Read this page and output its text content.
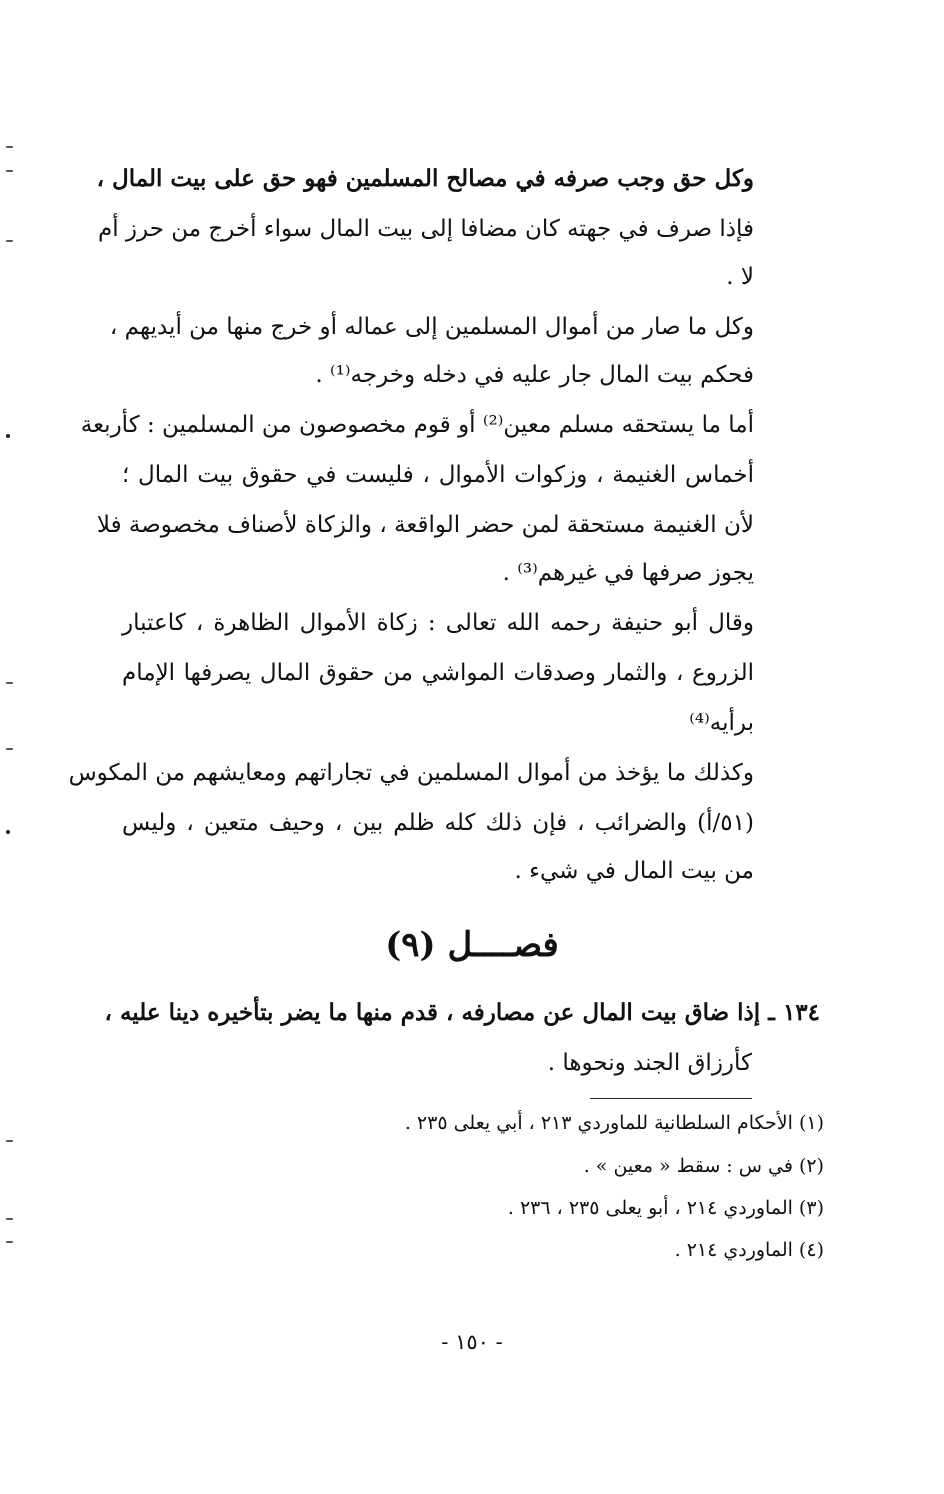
وكل حق وجب صرفه في مصالح المسلمين فهو حق على بيت المال ،
فإذا صرف في جهته كان مضافا إلى بيت المال سواء أخرج من حرز أم
لا .
وكل ما صار من أموال المسلمين إلى عماله أو خرج منها من أيديهم ،
فحكم بيت المال جار عليه في دخله وخرجه⁽¹⁾ .
أما ما يستحقه مسلم معين⁽²⁾ أو قوم مخصوصون من المسلمين : كأربعة
أخماس الغنيمة ، وزكوات الأموال ، فليست في حقوق بيت المال ؛
لأن الغنيمة مستحقة لمن حضر الواقعة ، والزكاة لأصناف مخصوصة فلا
يجوز صرفها في غيرهم⁽³⁾ .
وقال أبو حنيفة رحمه الله تعالى : زكاة الأموال الظاهرة ، كاعتبار
الزروع ، والثمار وصدقات المواشي من حقوق المال يصرفها الإمام
برأيه⁽⁴⁾
وكذلك ما يؤخذ من أموال المسلمين في تجاراتهم ومعايشهم من المكوس
(٥١/أ) والضرائب ، فإن ذلك كله ظلم بين ، وحيف متعين ، وليس
من بيت المال في شيء .
فصــــل (٩)
١٣٤ ـ إذا ضاق بيت المال عن مصارفه ، قدم منها ما يضر بتأخيره دينا عليه ،
كأرزاق الجند ونحوها .
(١) الأحكام السلطانية للماوردي ٢١٣ ، أبي يعلى ٢٣٥ .
(٢) في س : سقط « معين » .
(٣) الماوردي ٢١٤ ، أبو يعلى ٢٣٥ ، ٢٣٦ .
(٤) الماوردي ٢١٤ .
- ١٥٠ -
